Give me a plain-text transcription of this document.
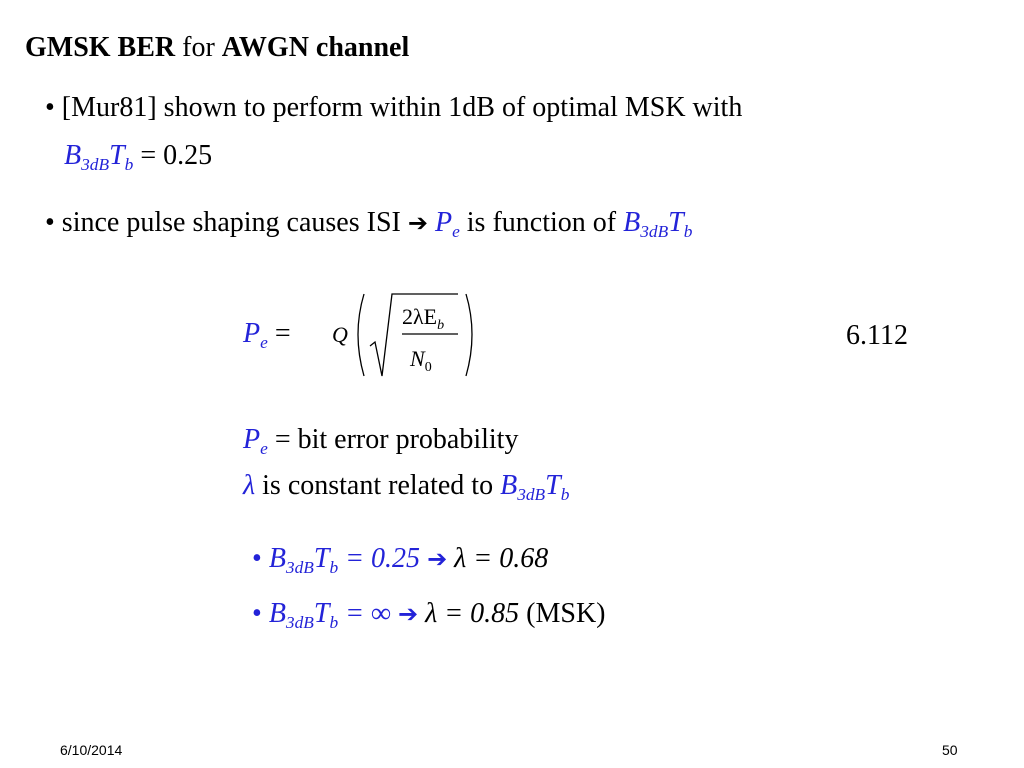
GMSK BER for AWGN channel
• [Mur81] shown to perform within 1dB of optimal MSK with
$B_{3dB}T_b = 0.25$
• since pulse shaping causes ISI ➔ $P_e$ is function of $B_{3dB}T_b$
$P_e = Q$
$2\lambda E_b$
$N_0$
6.112
$P_e$ = bit error probability
λ is constant related to $B_{3dB}T_b$
• $B_{3dB}T_b = 0.25$ ➔ λ = 0.68
• $B_{3dB}T_b$ = ∞ ➔ λ = 0.85 (MSK)
6/10/2014	50
